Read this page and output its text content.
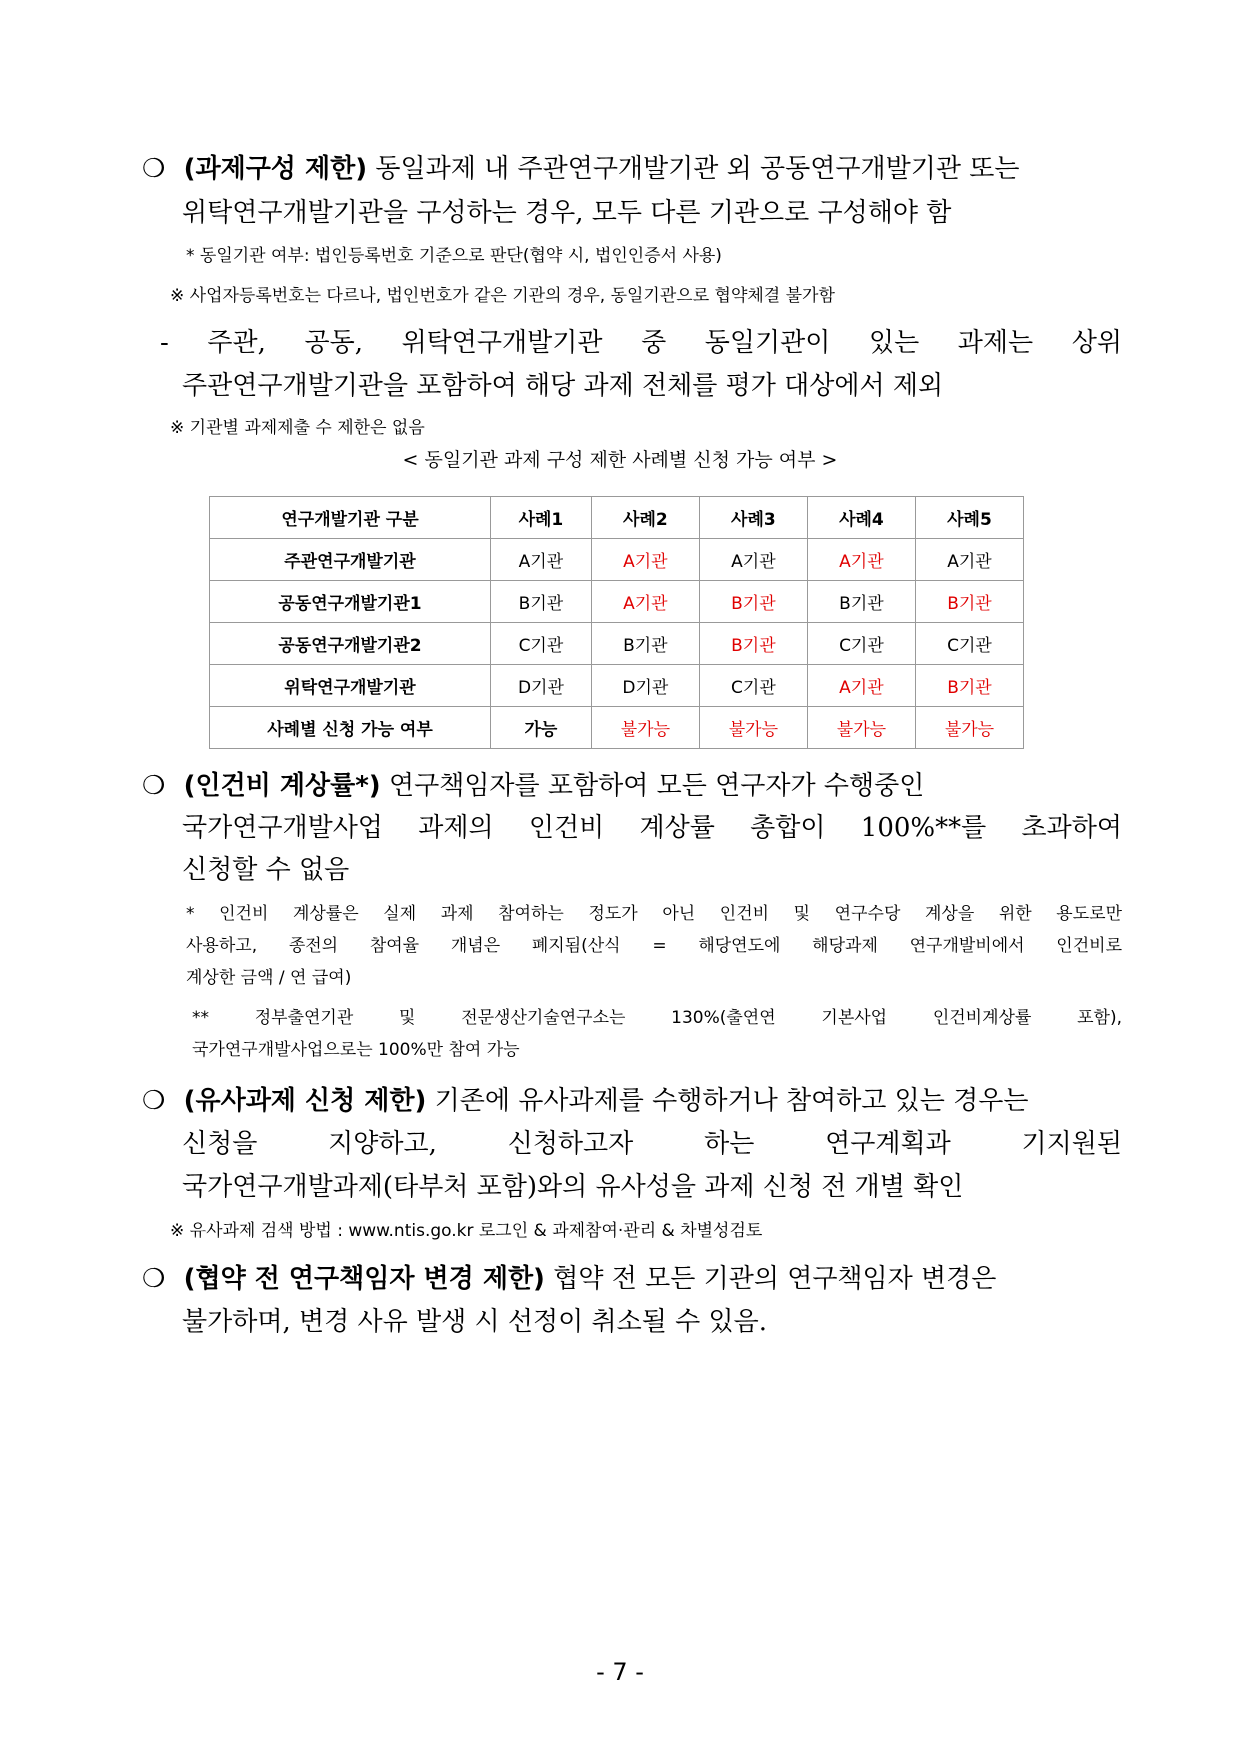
❍ (과제구성 제한) 동일과제 내 주관연구개발기관 외 공동연구개발기관 또는
위탁연구개발기관을 구성하는 경우, 모두 다른 기관으로 구성해야 함
* 동일기관 여부: 법인등록번호 기준으로 판단(협약 시, 법인인증서 사용)
※ 사업자등록번호는 다르나, 법인번호가 같은 기관의 경우, 동일기관으로 협약체결 불가함
- 주관, 공동, 위탁연구개발기관 중 동일기관이 있는 과제는 상위
주관연구개발기관을 포함하여 해당 과제 전체를 평가 대상에서 제외
※ 기관별 과제제출 수 제한은 없음
< 동일기관 과제 구성 제한 사례별 신청 가능 여부 >
연구개발기관 구분	사례1	사례2	사례3	사례4	사례5
주관연구개발기관	A기관	A기관	A기관	A기관	A기관
공동연구개발기관1	B기관	A기관	B기관	B기관	B기관
공동연구개발기관2	C기관	B기관	B기관	C기관	C기관
위탁연구개발기관	D기관	D기관	C기관	A기관	B기관
사례별 신청 가능 여부	가능	불가능	불가능	불가능	불가능
❍ (인건비 계상률*) 연구책임자를 포함하여 모든 연구자가 수행중인
국가연구개발사업 과제의 인건비 계상률 총합이 100%**를 초과하여
신청할 수 없음
* 인건비 계상률은 실제 과제 참여하는 정도가 아닌 인건비 및 연구수당 계상을 위한 용도로만
사용하고, 종전의 참여율 개념은 폐지됨(산식 = 해당연도에 해당과제 연구개발비에서 인건비로
계상한 금액 / 연 급여)
** 정부출연기관 및 전문생산기술연구소는 130%(출연연 기본사업 인건비계상률 포함),
국가연구개발사업으로는 100%만 참여 가능
❍ (유사과제 신청 제한) 기존에 유사과제를 수행하거나 참여하고 있는 경우는
신청을 지양하고, 신청하고자 하는 연구계획과 기지원된
국가연구개발과제(타부처 포함)와의 유사성을 과제 신청 전 개별 확인
※ 유사과제 검색 방법 : www.ntis.go.kr 로그인 & 과제참여·관리 & 차별성검토
❍ (협약 전 연구책임자 변경 제한) 협약 전 모든 기관의 연구책임자 변경은
불가하며, 변경 사유 발생 시 선정이 취소될 수 있음.
- 7 -
